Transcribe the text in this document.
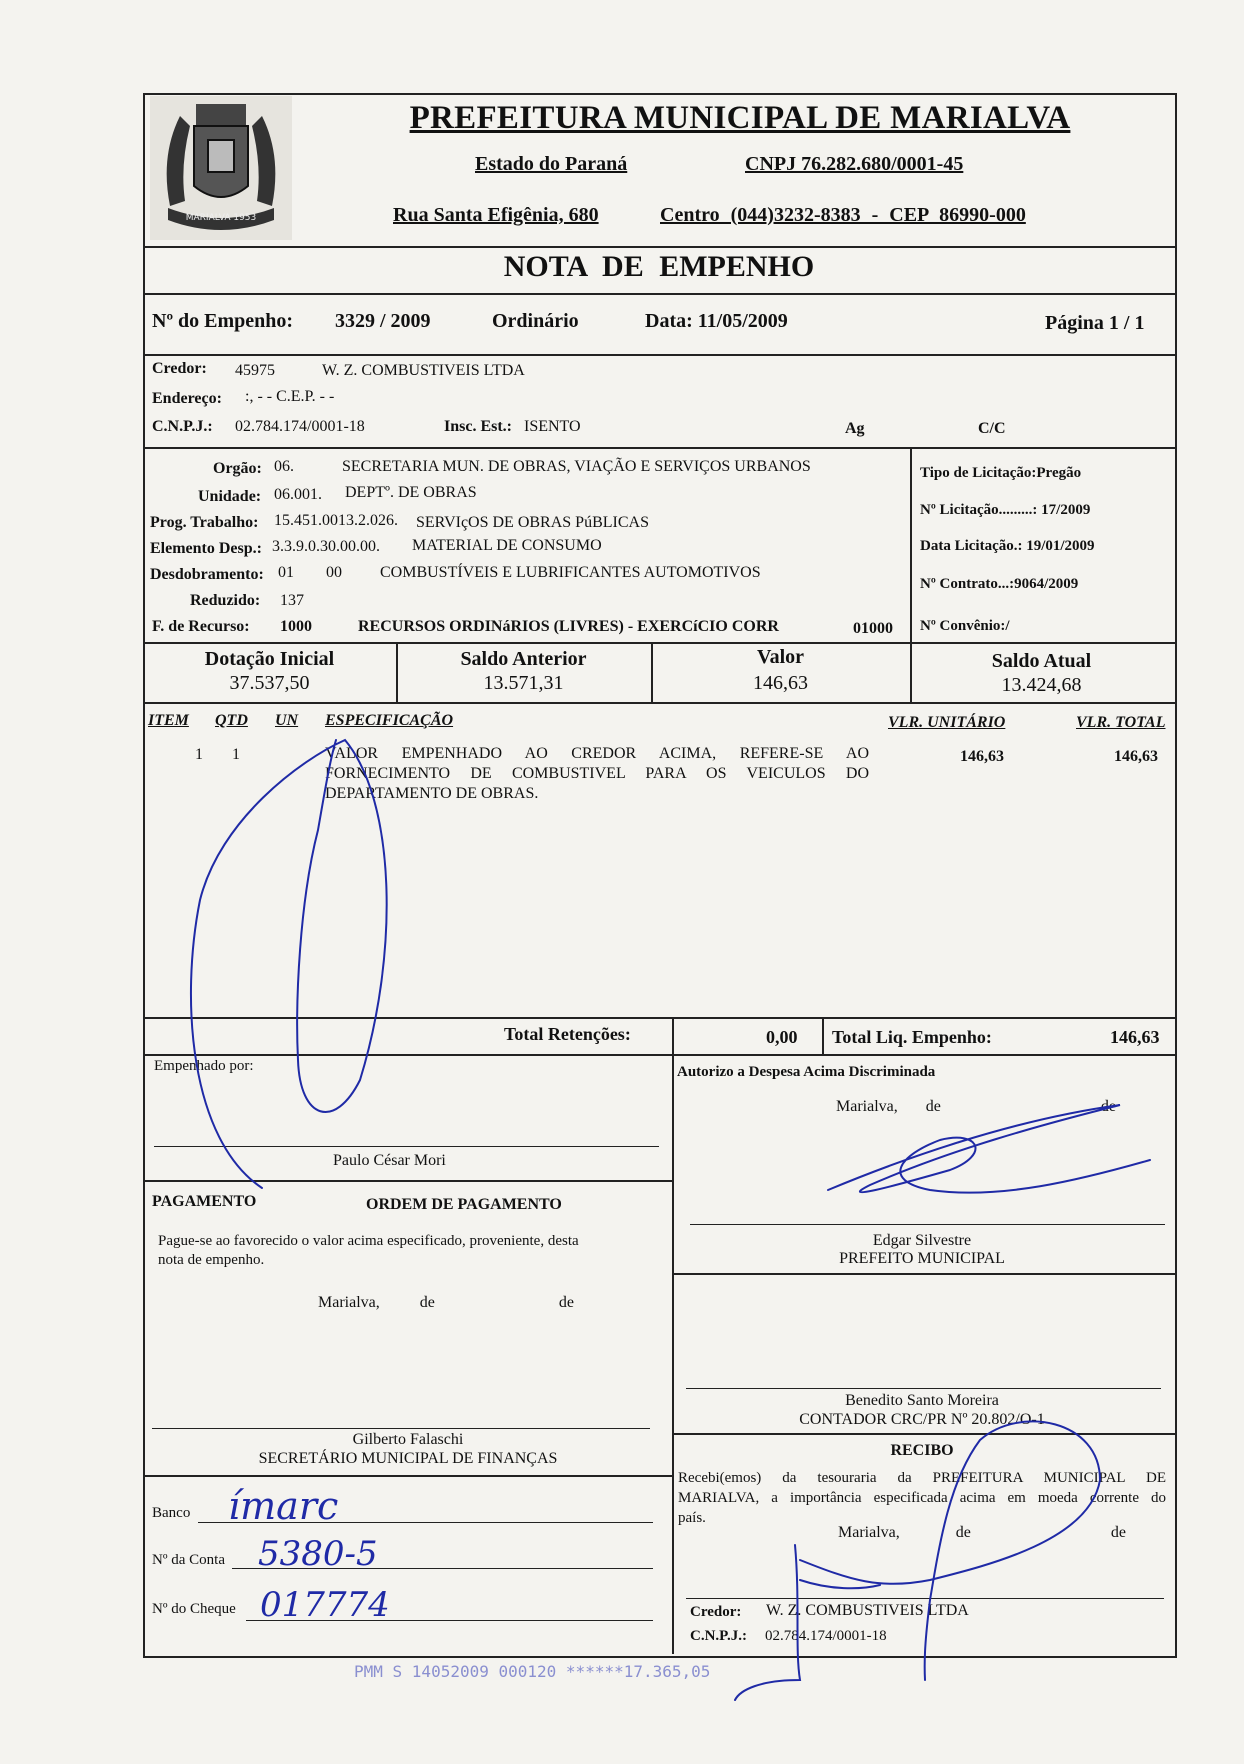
MARIALVA 1953
PREFEITURA MUNICIPAL DE MARIALVA
Estado do Paraná	CNPJ 76.282.680/0001-45
Rua Santa Efigênia, 680	Centro (044)3232-8383 - CEP 86990-000
NOTA DE EMPENHO
Nº do Empenho: 3329 / 2009	Ordinário	Data: 11/05/2009	Página 1 / 1
Credor: 45975	W. Z. COMBUSTIVEIS LTDA
Endereço: :, - - C.E.P. - -
C.N.P.J.: 02.784.174/0001-18	Insc. Est.: ISENTO	Ag	C/C
Orgão: 06.	SECRETARIA MUN. DE OBRAS, VIAÇÃO E SERVIÇOS URBANOS
Unidade: 06.001. DEPTº. DE OBRAS
Prog. Trabalho: 15.451.0013.2.026. SERVIçOS DE OBRAS PúBLICAS
Elemento Desp.: 3.3.9.0.30.00.00. MATERIAL DE CONSUMO
Desdobramento: 01 00 COMBUSTÍVEIS E LUBRIFICANTES AUTOMOTIVOS
Reduzido: 137
F. de Recurso: 1000	RECURSOS ORDINáRIOS (LIVRES) - EXERCíCIO CORR	01000
Tipo de Licitação:Pregão
Nº Licitação.........: 17/2009
Data Licitação.: 19/01/2009
Nº Contrato...:9064/2009
Nº Convênio:/
Dotação Inicial
37.537,50
Saldo Anterior
13.571,31
Valor
146,63
Saldo Atual
13.424,68
ITEM QTD UN ESPECIFICAÇÃO	VLR. UNITÁRIO	VLR. TOTAL
1 1	VALOR EMPENHADO AO CREDOR ACIMA, REFERE-SE AO
FORNECIMENTO DE COMBUSTIVEL PARA OS VEICULOS DO
DEPARTAMENTO DE OBRAS.
146,63	146,63
Total Retenções:	0,00 Total Liq. Empenho:	146,63
Empenhado por:
Paulo César Mori
PAGAMENTO	ORDEM DE PAGAMENTO
Pague-se ao favorecido o valor acima especificado, proveniente, desta
nota de empenho.
Marialva,          de                               de
Gilberto Falaschi
SECRETÁRIO MUNICIPAL DE FINANÇAS
Banco ímarc
Nº da Conta 5380-5
Nº do Cheque 017774
Autorizo a Despesa Acima Discriminada
Marialva,       de                                        de
Edgar Silvestre
PREFEITO MUNICIPAL
Benedito Santo Moreira
CONTADOR CRC/PR Nº 20.802/O-1
RECIBO
Recebi(emos) da tesouraria da PREFEITURA MUNICIPAL DE
MARIALVA, a importância especificada acima em moeda corrente do
país.
Marialva,              de                                   de
Credor: W. Z. COMBUSTIVEIS LTDA
C.N.P.J.: 02.784.174/0001-18
PMM S 14052009 000120 ******17.365,05
